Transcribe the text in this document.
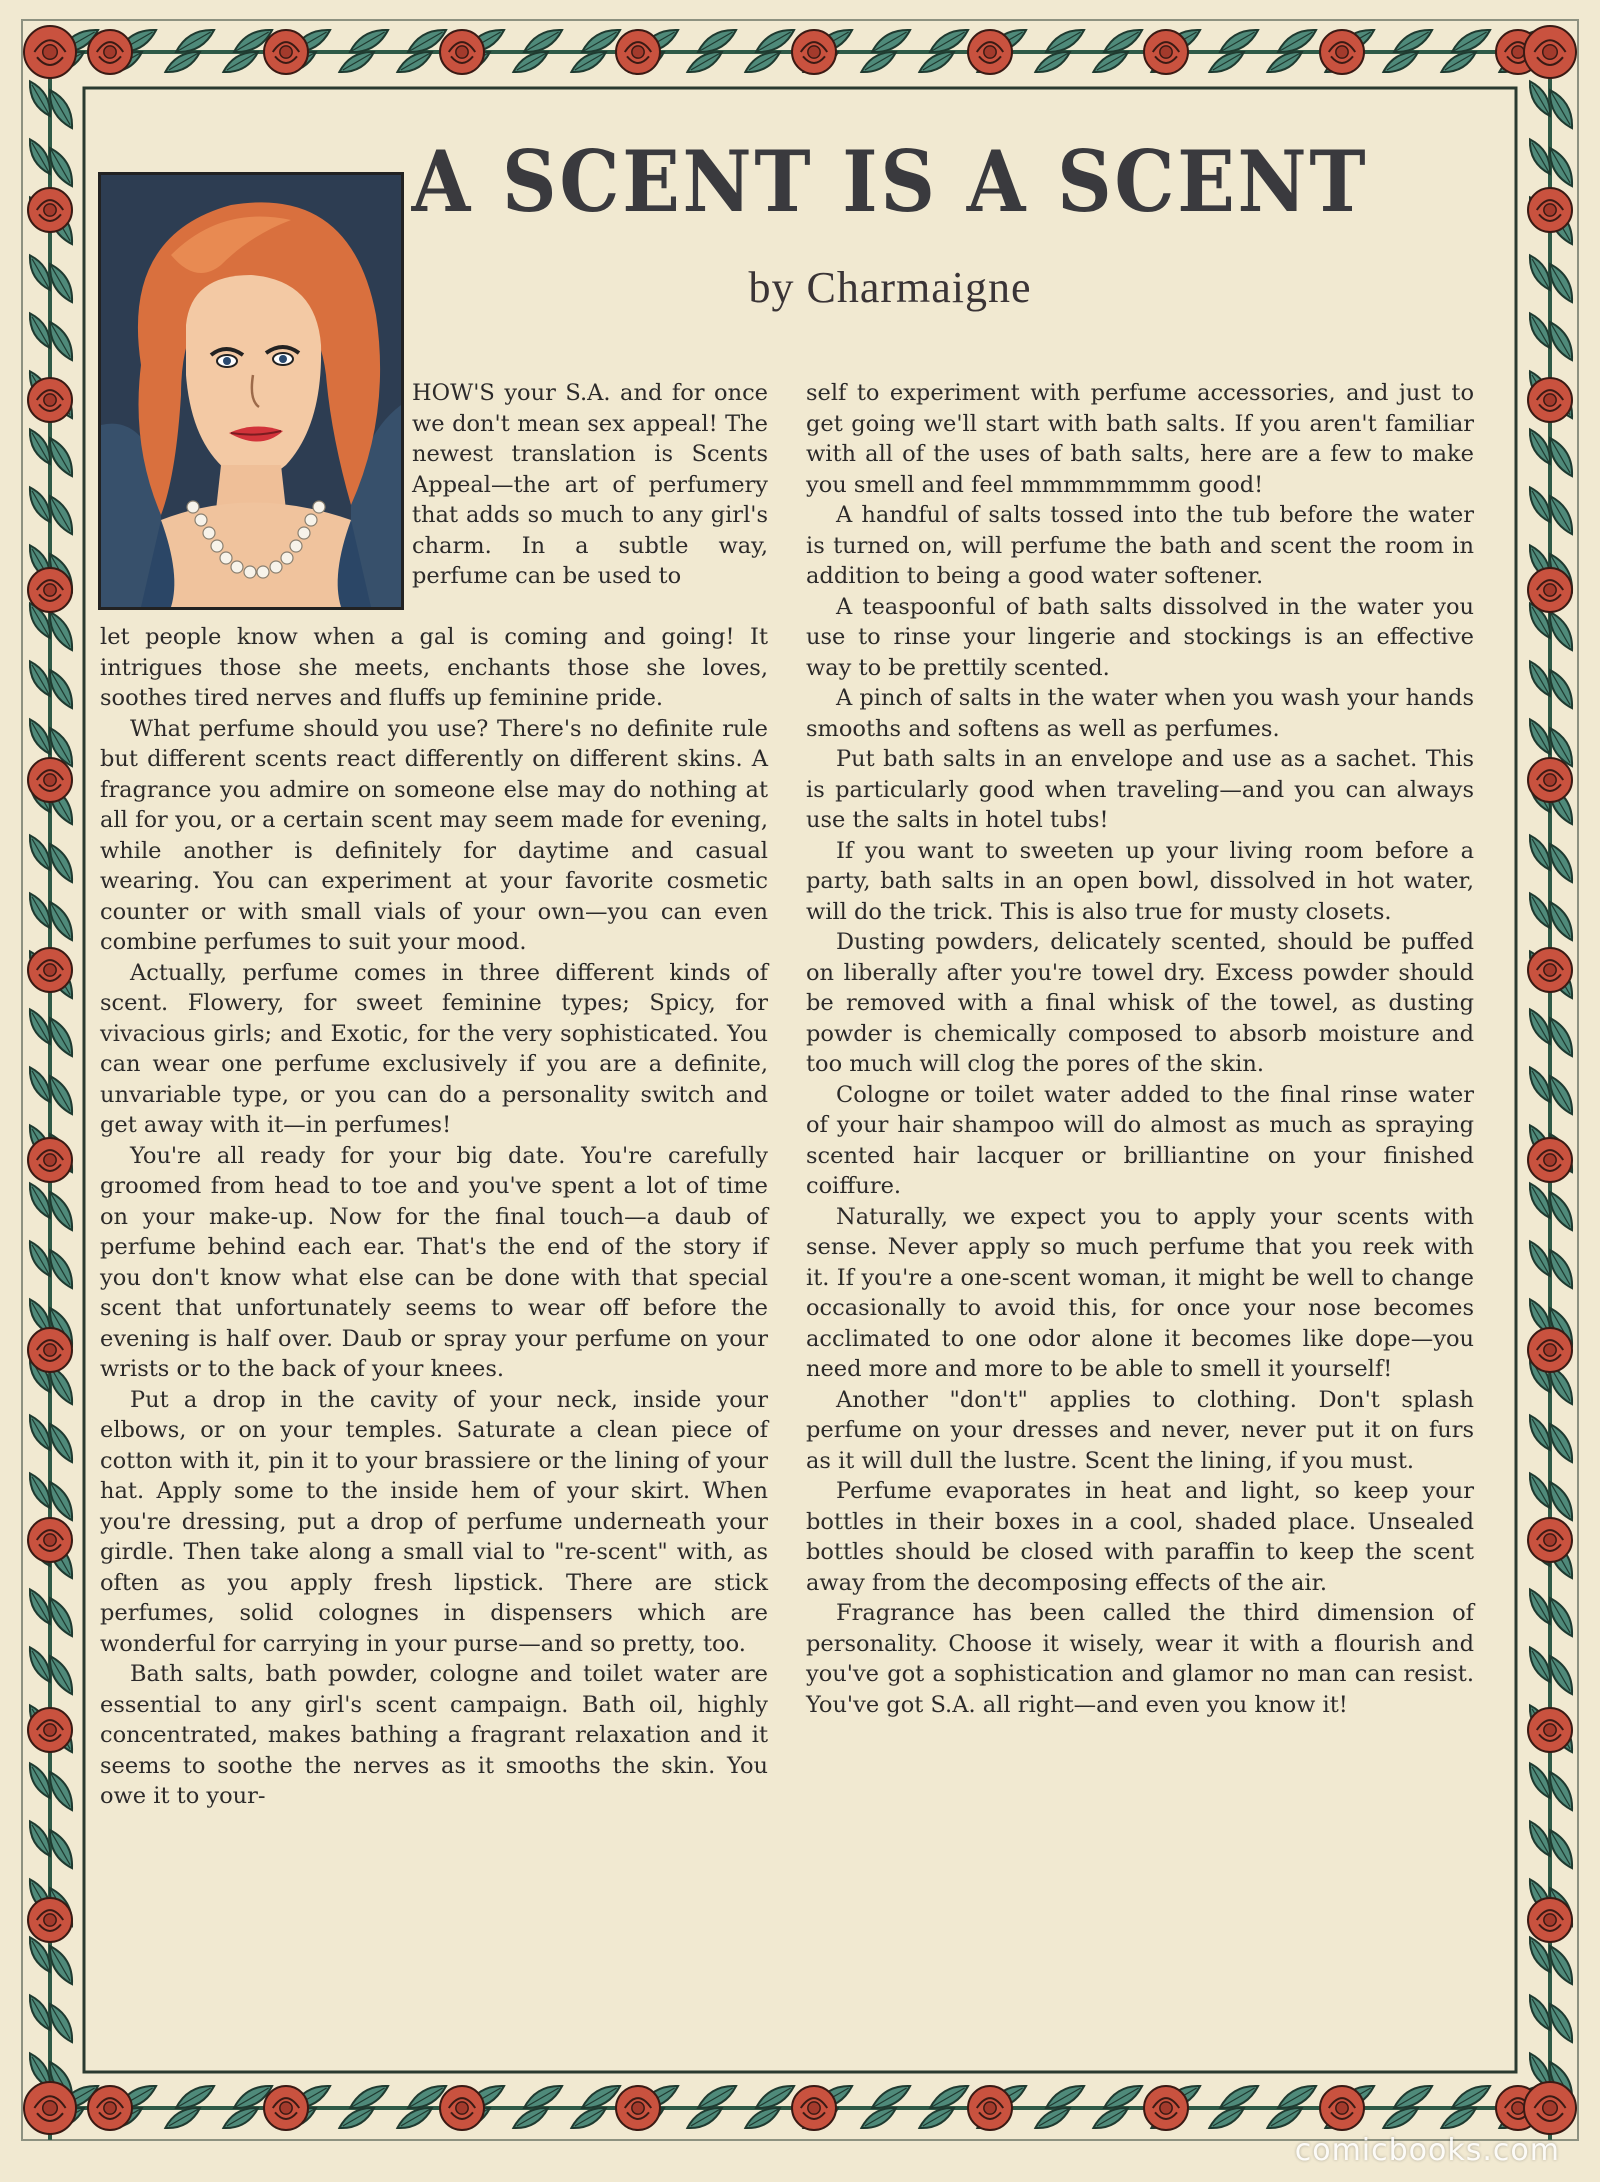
A SCENT IS A SCENT
by Charmaigne

HOW'S your S.A. and for once we don't mean sex appeal! The newest translation is Scents Appeal—the art of perfumery that adds so much to any girl's charm. In a subtle way, perfume can be used to

let people know when a gal is coming and going! It intrigues those she meets, enchants those she loves, soothes tired nerves and fluffs up feminine pride.

What perfume should you use? There's no definite rule but different scents react differently on different skins. A fragrance you admire on someone else may do nothing at all for you, or a certain scent may seem made for evening, while another is definitely for daytime and casual wearing. You can experiment at your favorite cosmetic counter or with small vials of your own—you can even combine perfumes to suit your mood.

Actually, perfume comes in three different kinds of scent. Flowery, for sweet feminine types; Spicy, for vivacious girls; and Exotic, for the very sophisticated. You can wear one perfume exclusively if you are a definite, unvariable type, or you can do a personality switch and get away with it—in perfumes!

You're all ready for your big date. You're carefully groomed from head to toe and you've spent a lot of time on your make-up. Now for the final touch—a daub of perfume behind each ear. That's the end of the story if you don't know what else can be done with that special scent that unfortunately seems to wear off before the evening is half over. Daub or spray your perfume on your wrists or to the back of your knees.

Put a drop in the cavity of your neck, inside your elbows, or on your temples. Saturate a clean piece of cotton with it, pin it to your brassiere or the lining of your hat. Apply some to the inside hem of your skirt. When you're dressing, put a drop of perfume underneath your girdle. Then take along a small vial to "re-scent" with, as often as you apply fresh lipstick. There are stick perfumes, solid colognes in dispensers which are wonderful for carrying in your purse—and so pretty, too.

Bath salts, bath powder, cologne and toilet water are essential to any girl's scent campaign. Bath oil, highly concentrated, makes bathing a fragrant relaxation and it seems to soothe the nerves as it smooths the skin. You owe it to your-

self to experiment with perfume accessories, and just to get going we'll start with bath salts. If you aren't familiar with all of the uses of bath salts, here are a few to make you smell and feel mmmmmmmm good!

A handful of salts tossed into the tub before the water is turned on, will perfume the bath and scent the room in addition to being a good water softener.

A teaspoonful of bath salts dissolved in the water you use to rinse your lingerie and stockings is an effective way to be prettily scented.

A pinch of salts in the water when you wash your hands smooths and softens as well as perfumes.

Put bath salts in an envelope and use as a sachet. This is particularly good when traveling—and you can always use the salts in hotel tubs!

If you want to sweeten up your living room before a party, bath salts in an open bowl, dissolved in hot water, will do the trick. This is also true for musty closets.

Dusting powders, delicately scented, should be puffed on liberally after you're towel dry. Excess powder should be removed with a final whisk of the towel, as dusting powder is chemically composed to absorb moisture and too much will clog the pores of the skin.

Cologne or toilet water added to the final rinse water of your hair shampoo will do almost as much as spraying scented hair lacquer or brilliantine on your finished coiffure.

Naturally, we expect you to apply your scents with sense. Never apply so much perfume that you reek with it. If you're a one-scent woman, it might be well to change occasionally to avoid this, for once your nose becomes acclimated to one odor alone it becomes like dope—you need more and more to be able to smell it yourself!

Another "don't" applies to clothing. Don't splash perfume on your dresses and never, never put it on furs as it will dull the lustre. Scent the lining, if you must.

Perfume evaporates in heat and light, so keep your bottles in their boxes in a cool, shaded place. Unsealed bottles should be closed with paraffin to keep the scent away from the decomposing effects of the air.

Fragrance has been called the third dimension of personality. Choose it wisely, wear it with a flourish and you've got a sophistication and glamor no man can resist. You've got S.A. all right—and even you know it!

comicbooks.com
